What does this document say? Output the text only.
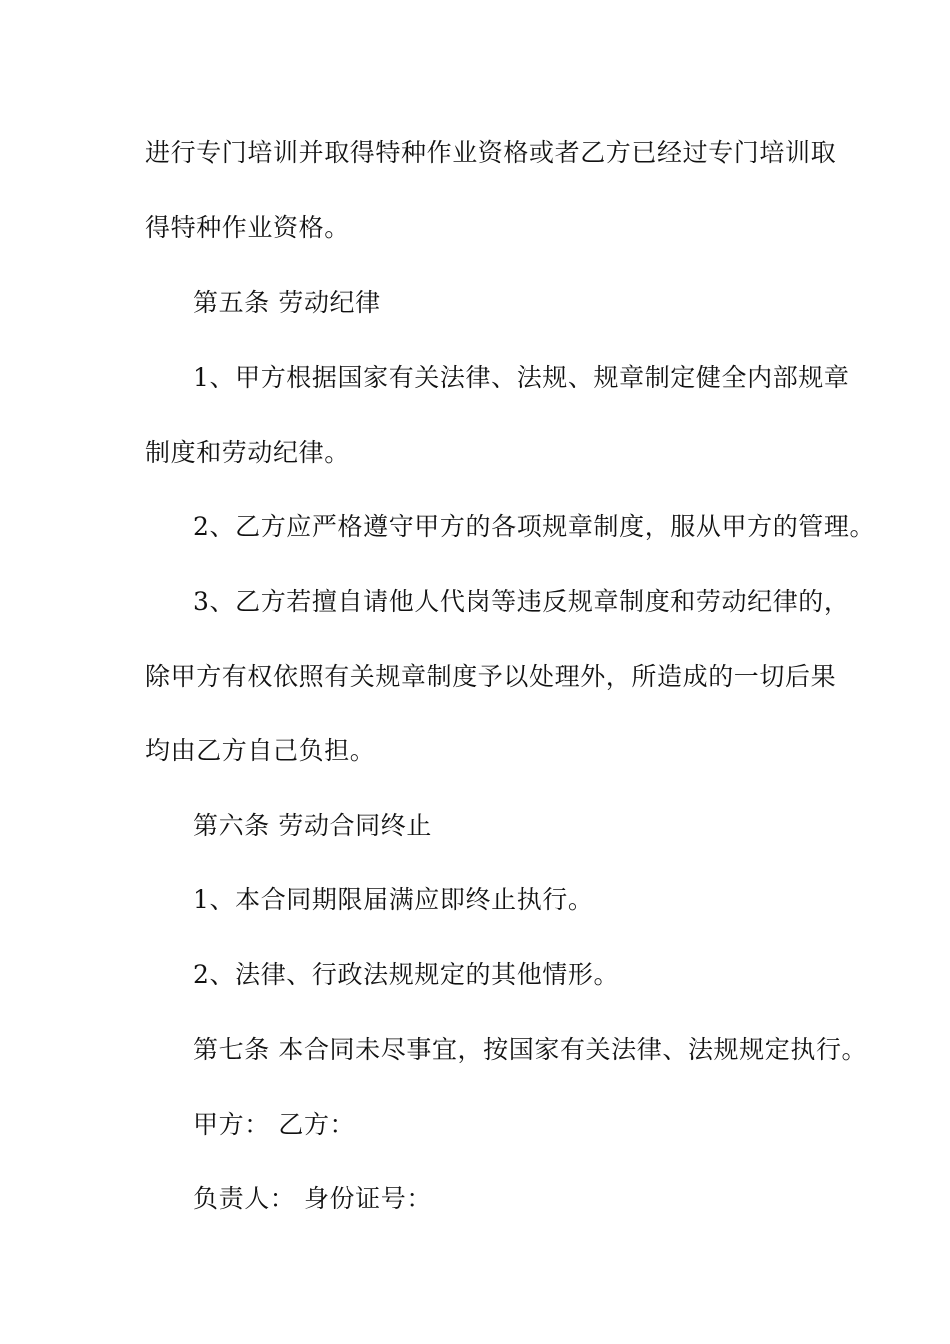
进行专门培训并取得特种作业资格或者乙方已经过专门培训取
得特种作业资格。
第五条 劳动纪律
1、甲方根据国家有关法律、法规、规章制定健全内部规章
制度和劳动纪律。
2、乙方应严格遵守甲方的各项规章制度，服从甲方的管理。
3、乙方若擅自请他人代岗等违反规章制度和劳动纪律的，
除甲方有权依照有关规章制度予以处理外，所造成的一切后果
均由乙方自己负担。
第六条 劳动合同终止
1、本合同期限届满应即终止执行。
2、法律、行政法规规定的其他情形。
第七条 本合同未尽事宜，按国家有关法律、法规规定执行。
甲方： 乙方：
负责人： 身份证号：
